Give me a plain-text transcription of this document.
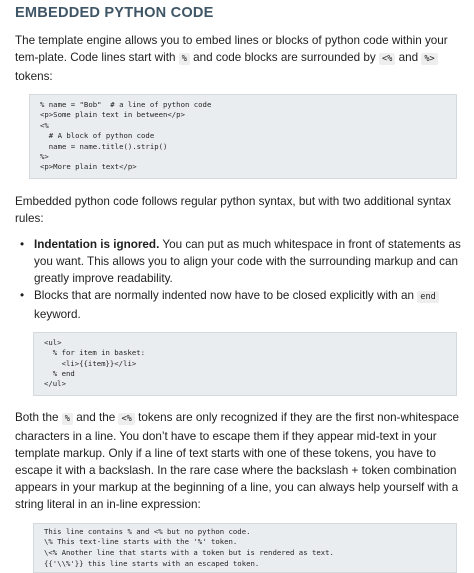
EMBEDDED PYTHON CODE

The template engine allows you to embed lines or blocks of python code within your tem-plate. Code lines start with % and code blocks are surrounded by <% and %> tokens:

% name = "Bob"  # a line of python code
<p>Some plain text in between</p>
<%
# A block of python code
name = name.title().strip()
%>
<p>More plain text</p>

Embedded python code follows regular python syntax, but with two additional syntax rules:

• Indentation is ignored. You can put as much whitespace in front of statements as you want. This allows you to align your code with the surrounding markup and can greatly improve readability.
• Blocks that are normally indented now have to be closed explicitly with an end keyword.
<ul>
% for item in basket:
<li>{{item}}</li>
% end
</ul>

Both the % and the <% tokens are only recognized if they are the first non-whitespace characters in a line. You don’t have to escape them if they appear mid-text in your template markup. Only if a line of text starts with one of these tokens, you have to escape it with a backslash. In the rare case where the backslash + token combination appears in your markup at the beginning of a line, you can always help yourself with a string literal in an in-line expression:

This line contains % and <% but no python code.
\% This text-line starts with the '%' token.
\<% Another line that starts with a token but is rendered as text.
{{'\\%'}} this line starts with an escaped token.
